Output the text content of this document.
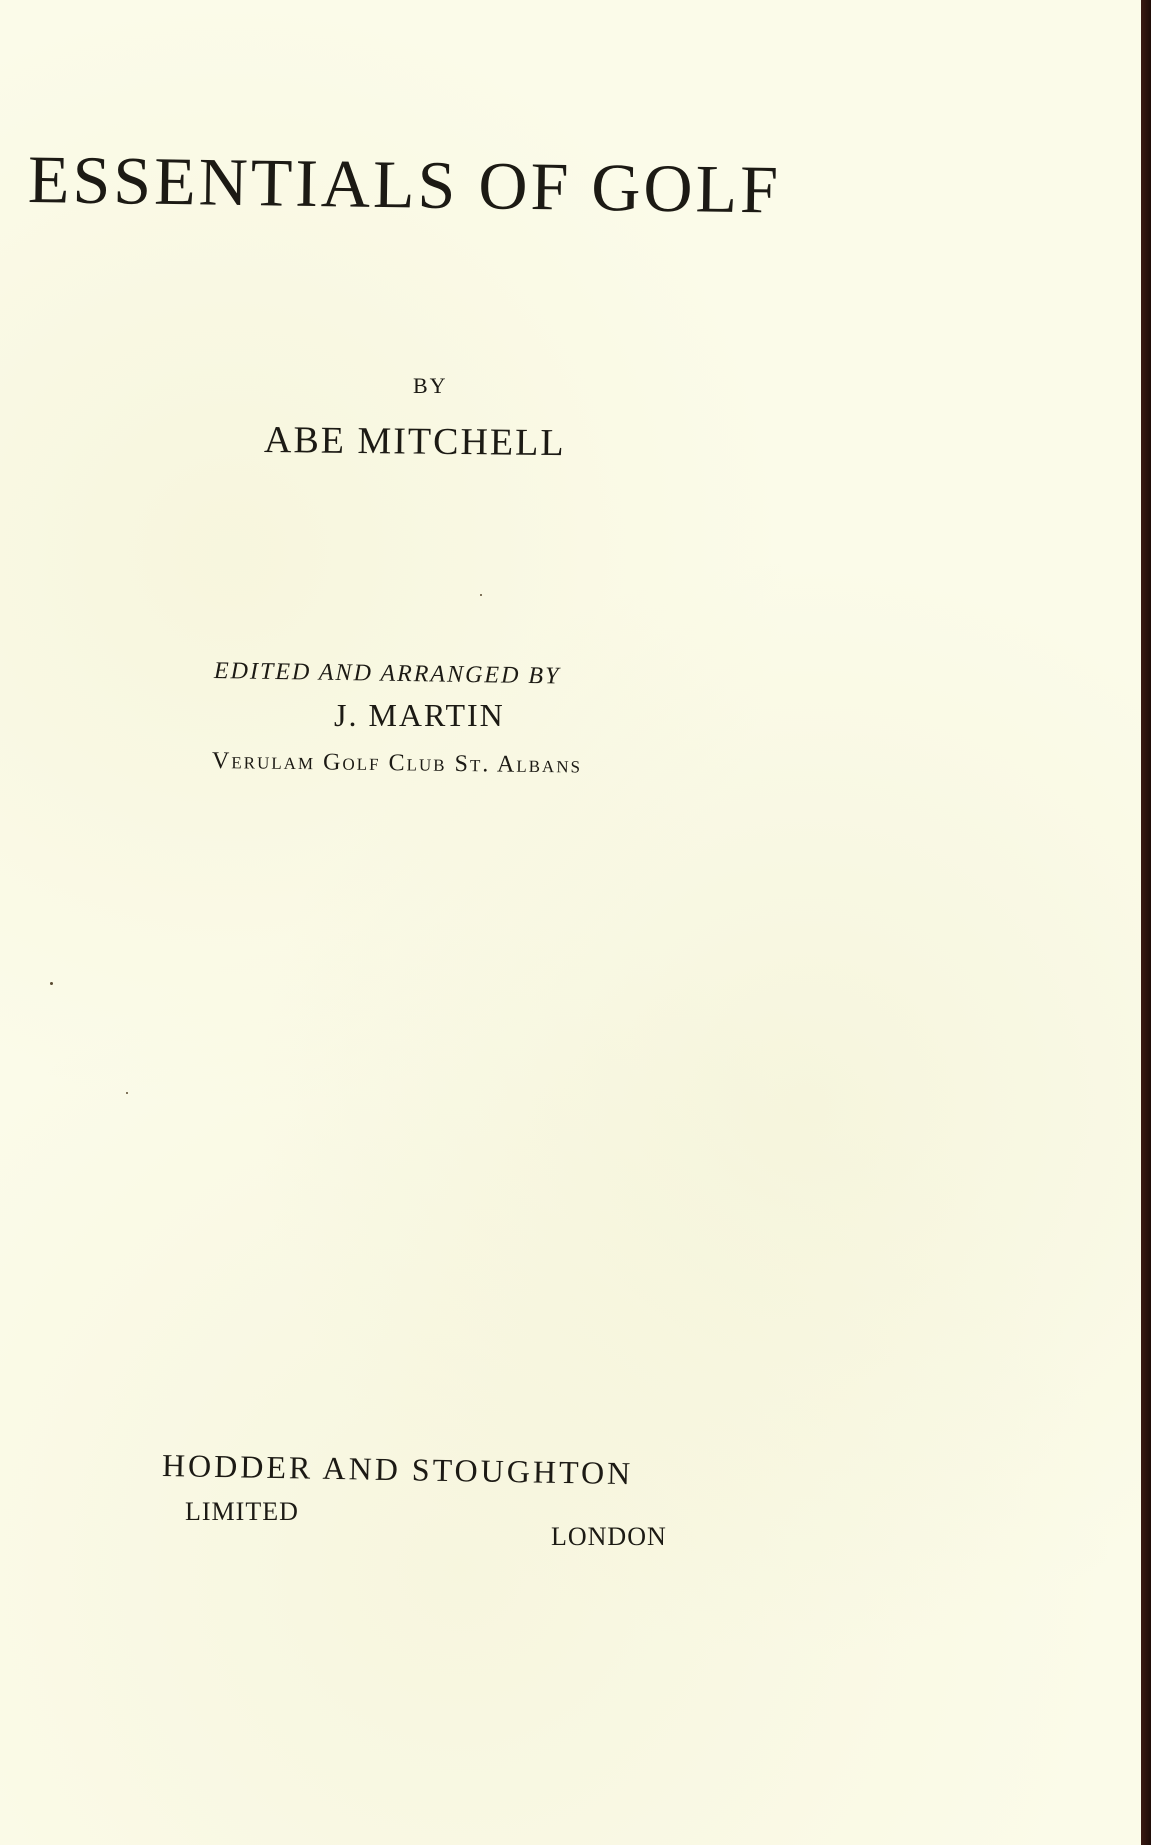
ESSENTIALS OF GOLF

BY

ABE MITCHELL

EDITED AND ARRANGED BY

J. MARTIN

Verulam Golf Club St. Albans

HODDER AND STOUGHTON

LIMITED

LONDON
